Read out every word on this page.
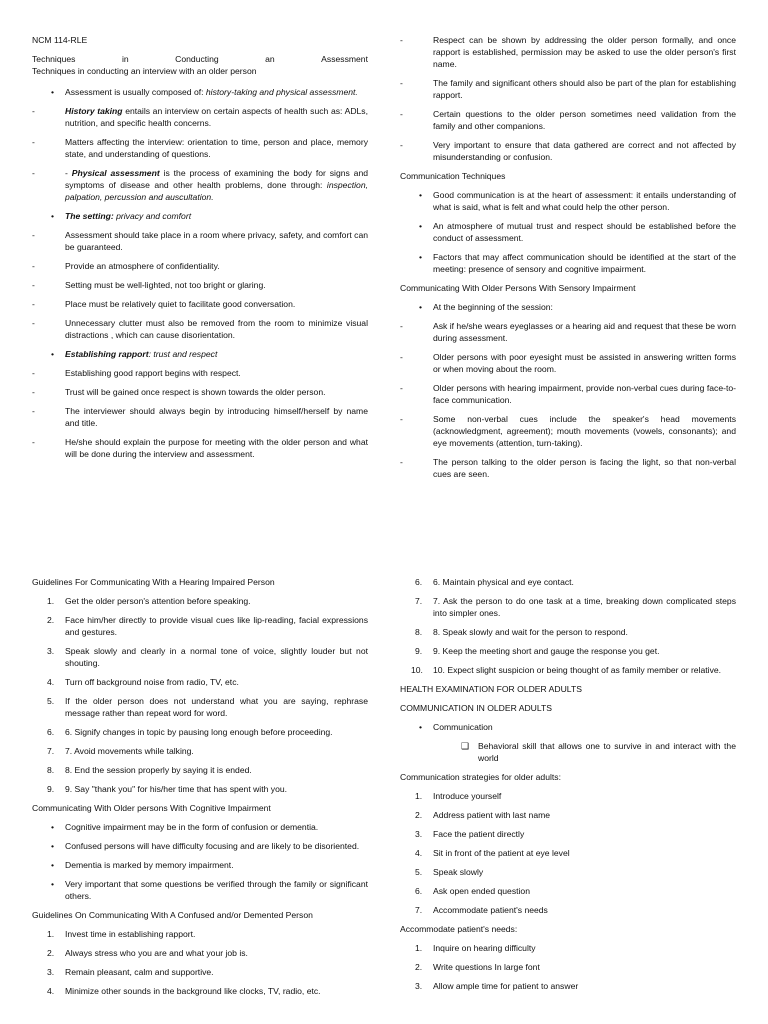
NCM 114-RLE
Techniques	in	Conducting	an	Assessment
Techniques in conducting an interview with an older person
• Assessment is usually composed of: history-taking and physical assessment.
-	History taking entails an interview on certain aspects of health such as: ADLs, nutrition, and specific health concerns.
-	Matters affecting the interview: orientation to time, person and place, memory state, and understanding of questions.
-	- Physical assessment is the process of examining the body for signs and symptoms of disease and other health problems, done through: inspection, palpation, percussion and auscultation.
• The setting: privacy and comfort
-	Assessment should take place in a room where privacy, safety, and comfort can be guaranteed.
-	Provide an atmosphere of confidentiality.
-	Setting must be well-lighted, not too bright or glaring.
-	Place must be relatively quiet to facilitate good conversation.
-	Unnecessary clutter must also be removed from the room to minimize visual distractions , which can cause disorientation.
• Establishing rapport: trust and respect
-	Establishing good rapport begins with respect.
-	Trust will be gained once respect is shown towards the older person.
-	The interviewer should always begin by introducing himself/herself by name and title.
-	He/she should explain the purpose for meeting with the older person and what will be done during the interview and assessment.
-	Respect can be shown by addressing the older person formally, and once rapport is established, permission may be asked to use the older person's first name.
-	The family and significant others should also be part of the plan for establishing rapport.
-	Certain questions to the older person sometimes need validation from the family and other companions.
-	Very important to ensure that data gathered are correct and not affected by misunderstanding or confusion.
Communication Techniques
• Good communication is at the heart of assessment: it entails understanding of what is said, what is felt and what could help the other person.
• An atmosphere of mutual trust and respect should be established before the conduct of assessment.
• Factors that may affect communication should be identified at the start of the meeting: presence of sensory and cognitive impairment.
Communicating With Older Persons With Sensory Impairment
• At the beginning of the session:
-	Ask if he/she wears eyeglasses or a hearing aid and request that these be worn during assessment.
-	Older persons with poor eyesight must be assisted in answering written forms or when moving about the room.
-	Older persons with hearing impairment, provide non-verbal cues during face-to-face communication.
-	Some non-verbal cues include the speaker's head movements (acknowledgment, agreement); mouth movements (vowels, consonants); and eye movements (attention, turn-taking).
-	The person talking to the older person is facing the light, so that non-verbal cues are seen.
Guidelines For Communicating With a Hearing Impaired Person
1. Get the older person's attention before speaking.
2. Face him/her directly to provide visual cues like lip-reading, facial expressions and gestures.
3. Speak slowly and clearly in a normal tone of voice, slightly louder but not shouting.
4. Turn off background noise from radio, TV, etc.
5. If the older person does not understand what you are saying, rephrase message rather than repeat word for word.
6. 6. Signify changes in topic by pausing long enough before proceeding.
7. 7. Avoid movements while talking.
8. 8. End the session properly by saying it is ended.
9. 9. Say "thank you" for his/her time that has spent with you.
Communicating With Older persons With Cognitive Impairment
• Cognitive impairment may be in the form of confusion or dementia.
• Confused persons will have difficulty focusing and are likely to be disoriented.
• Dementia is marked by memory impairment.
• Very important that some questions be verified through the family or significant others.
Guidelines On Communicating With A Confused and/or Demented Person
1. Invest time in establishing rapport.
2. Always stress who you are and what your job is.
3. Remain pleasant, calm and supportive.
4. Minimize other sounds in the background like clocks, TV, radio, etc.
6. 6. Maintain physical and eye contact.
7. 7. Ask the person to do one task at a time, breaking down complicated steps into simpler ones.
8. 8. Speak slowly and wait for the person to respond.
9. 9. Keep the meeting short and gauge the response you get.
10. 10. Expect slight suspicion or being thought of as family member or relative.
HEALTH EXAMINATION FOR OLDER ADULTS
COMMUNICATION IN OLDER ADULTS
• Communication
❑ Behavioral skill that allows one to survive in and interact with the world
Communication strategies for older adults:
1. Introduce yourself
2. Address patient with last name
3. Face the patient directly
4. Sit in front of the patient at eye level
5. Speak slowly
6. Ask open ended question
7. Accommodate patient's needs
Accommodate patient's needs:
1. Inquire on hearing difficulty
2. Write questions In large font
3. Allow ample time for patient to answer
